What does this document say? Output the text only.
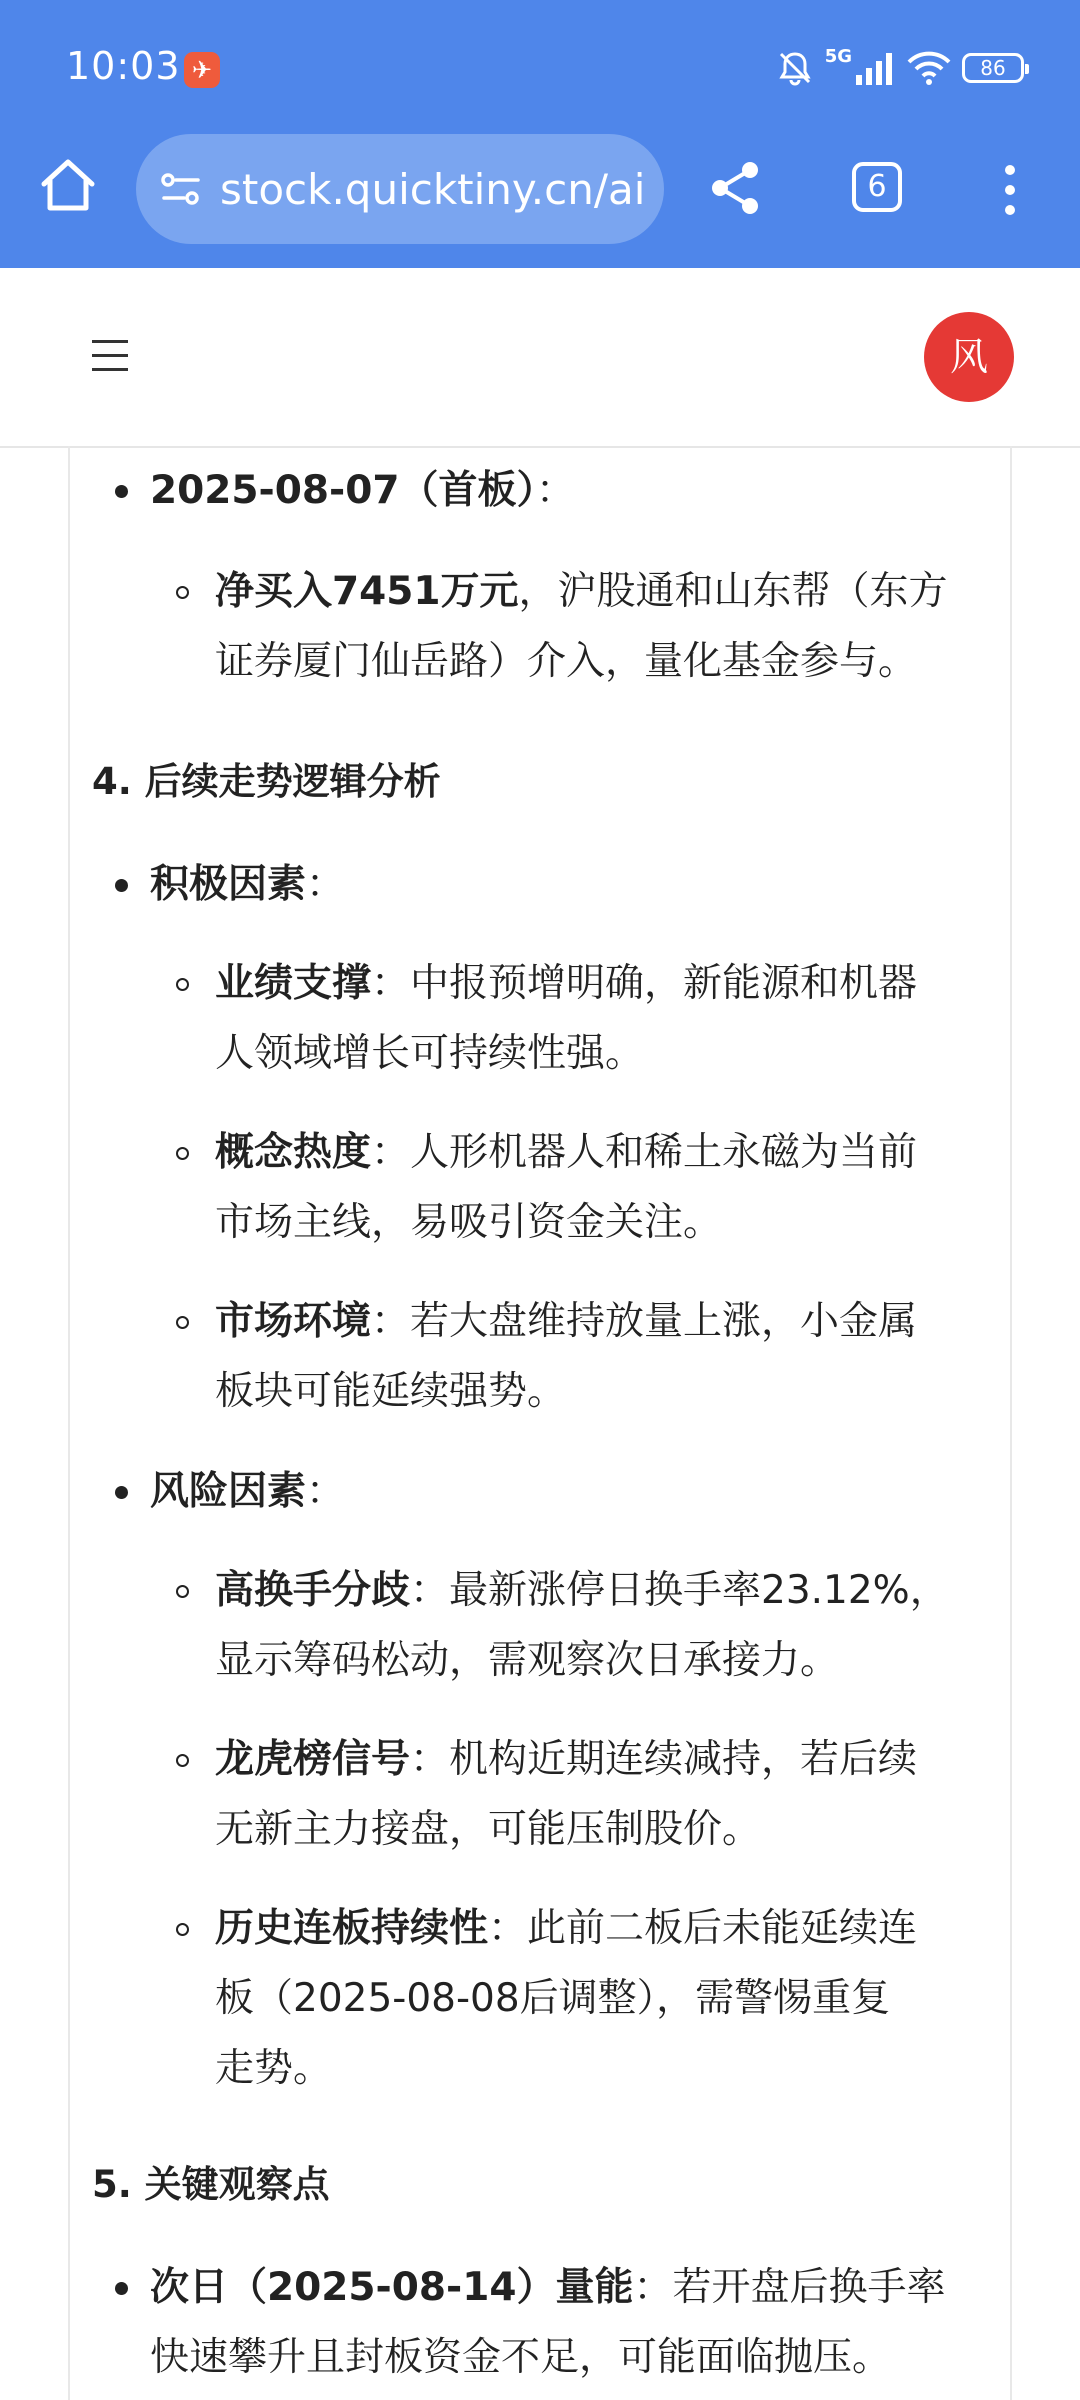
10:03 ✈	5G	86
stock.quicktiny.cn/ai	6
风
2025-08-07（首板）：
净买入7451万元，沪股通和山东帮（东方
证券厦门仙岳路）介入，量化基金参与。
4. 后续走势逻辑分析
积极因素：
业绩支撑：中报预增明确，新能源和机器
人领域增长可持续性强。
概念热度：人形机器人和稀土永磁为当前
市场主线，易吸引资金关注。
市场环境：若大盘维持放量上涨，小金属
板块可能延续强势。
风险因素：
高换手分歧：最新涨停日换手率23.12%，
显示筹码松动，需观察次日承接力。
龙虎榜信号：机构近期连续减持，若后续
无新主力接盘，可能压制股价。
历史连板持续性：此前二板后未能延续连
板（2025-08-08后调整），需警惕重复
走势。
5. 关键观察点
次日（2025-08-14）量能：若开盘后换手率
快速攀升且封板资金不足，可能面临抛压。
